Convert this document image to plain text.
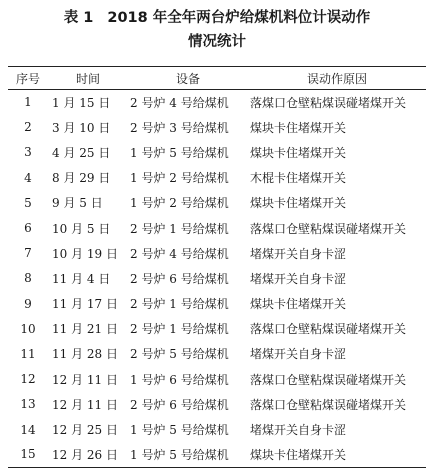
表 1 2018 年全年两台炉给煤机料位计误动作
情况统计
序号	时间	设备	误动作原因
1	1 月 15 日	2 号炉 4 号给煤机	落煤口仓壁粘煤误碰堵煤开关
2	3 月 10 日	2 号炉 3 号给煤机	煤块卡住堵煤开关
3	4 月 25 日	1 号炉 5 号给煤机	煤块卡住堵煤开关
4	8 月 29 日	1 号炉 2 号给煤机	木棍卡住堵煤开关
5	9 月 5 日	1 号炉 2 号给煤机	煤块卡住堵煤开关
6	10 月 5 日	2 号炉 1 号给煤机	落煤口仓壁粘煤误碰堵煤开关
7	10 月 19 日	2 号炉 4 号给煤机	堵煤开关自身卡涩
8	11 月 4 日	2 号炉 6 号给煤机	堵煤开关自身卡涩
9	11 月 17 日	2 号炉 1 号给煤机	煤块卡住堵煤开关
10	11 月 21 日	2 号炉 1 号给煤机	落煤口仓壁粘煤误碰堵煤开关
11	11 月 28 日	2 号炉 5 号给煤机	堵煤开关自身卡涩
12	12 月 11 日	1 号炉 6 号给煤机	落煤口仓壁粘煤误碰堵煤开关
13	12 月 11 日	2 号炉 6 号给煤机	落煤口仓壁粘煤误碰堵煤开关
14	12 月 25 日	1 号炉 5 号给煤机	堵煤开关自身卡涩
15	12 月 26 日	1 号炉 5 号给煤机	煤块卡住堵煤开关
